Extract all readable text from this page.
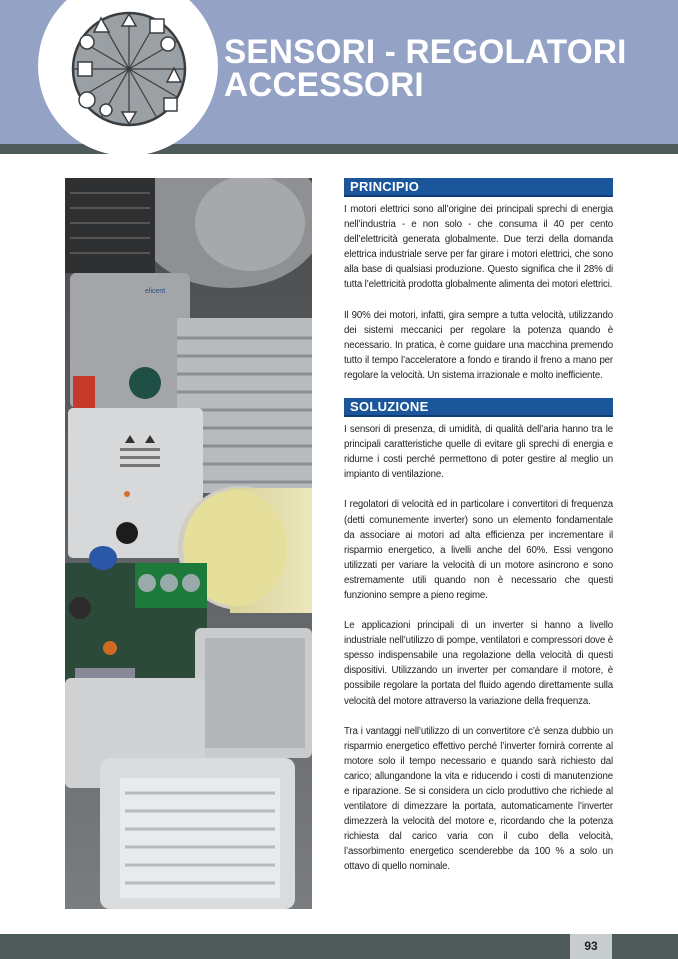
SENSORI - REGOLATORI
ACCESSORI
elicent
PRINCIPIO

I motori elettrici sono all’origine dei principali sprechi di energia nell’industria - e non solo - che consuma il 40 per cento dell’elettricità generata globalmente. Due terzi della domanda elettrica industriale serve per far girare i motori elettrici, che sono alla base di qualsiasi produzione. Questo significa che il 28% di tutta l’elettricità prodotta globalmente alimenta dei motori elettrici.

Il 90% dei motori, infatti, gira sempre a tutta velocità, utilizzando dei sistemi meccanici per regolare la potenza quando è necessario. In pratica, è come guidare una macchina premendo tutto il tempo l’acceleratore a fondo e tirando il freno a mano per regolare la velocità. Un sistema irrazionale e molto inefficiente.

SOLUZIONE

I sensori di presenza, di umidità, di qualità dell’aria hanno tra le principali caratteristiche quelle di evitare gli sprechi di energia e ridurne i costi perché permettono di poter gestire al meglio un impianto di ventilazione.

I regolatori di velocità ed in particolare i convertitori di frequenza (detti comunemente inverter) sono un elemento fondamentale da associare ai motori ad alta efficienza per incrementare il risparmio energetico, a livelli anche del 60%. Essi vengono utilizzati per variare la velocità di un motore asincrono e sono estremamente utili quando non è necessario che questi funzionino sempre a pieno regime.

Le applicazioni principali di un inverter si hanno a livello industriale nell’utilizzo di pompe, ventilatori e compressori dove è spesso indispensabile una regolazione della velocità di questi dispositivi. Utilizzando un inverter per comandare il motore, è possibile regolare la portata del fluido agendo direttamente sulla velocità del motore attraverso la variazione della frequenza.

Tra i vantaggi nell’utilizzo di un convertitore c’è senza dubbio un risparmio energetico effettivo perché l’inverter fornirà corrente al motore solo il tempo necessario e quando sarà richiesto dal carico; allungandone la vita e riducendo i costi di manutenzione e riparazione. Se si considera un ciclo produttivo che richiede al ventilatore di dimezzare la portata, automaticamente l’inverter dimezzerà la velocità del motore e, ricordando che la potenza richiesta dal carico varia con il cubo della velocità, l’assorbimento energetico scenderebbe da 100 % a solo un ottavo di quello nominale.

93
